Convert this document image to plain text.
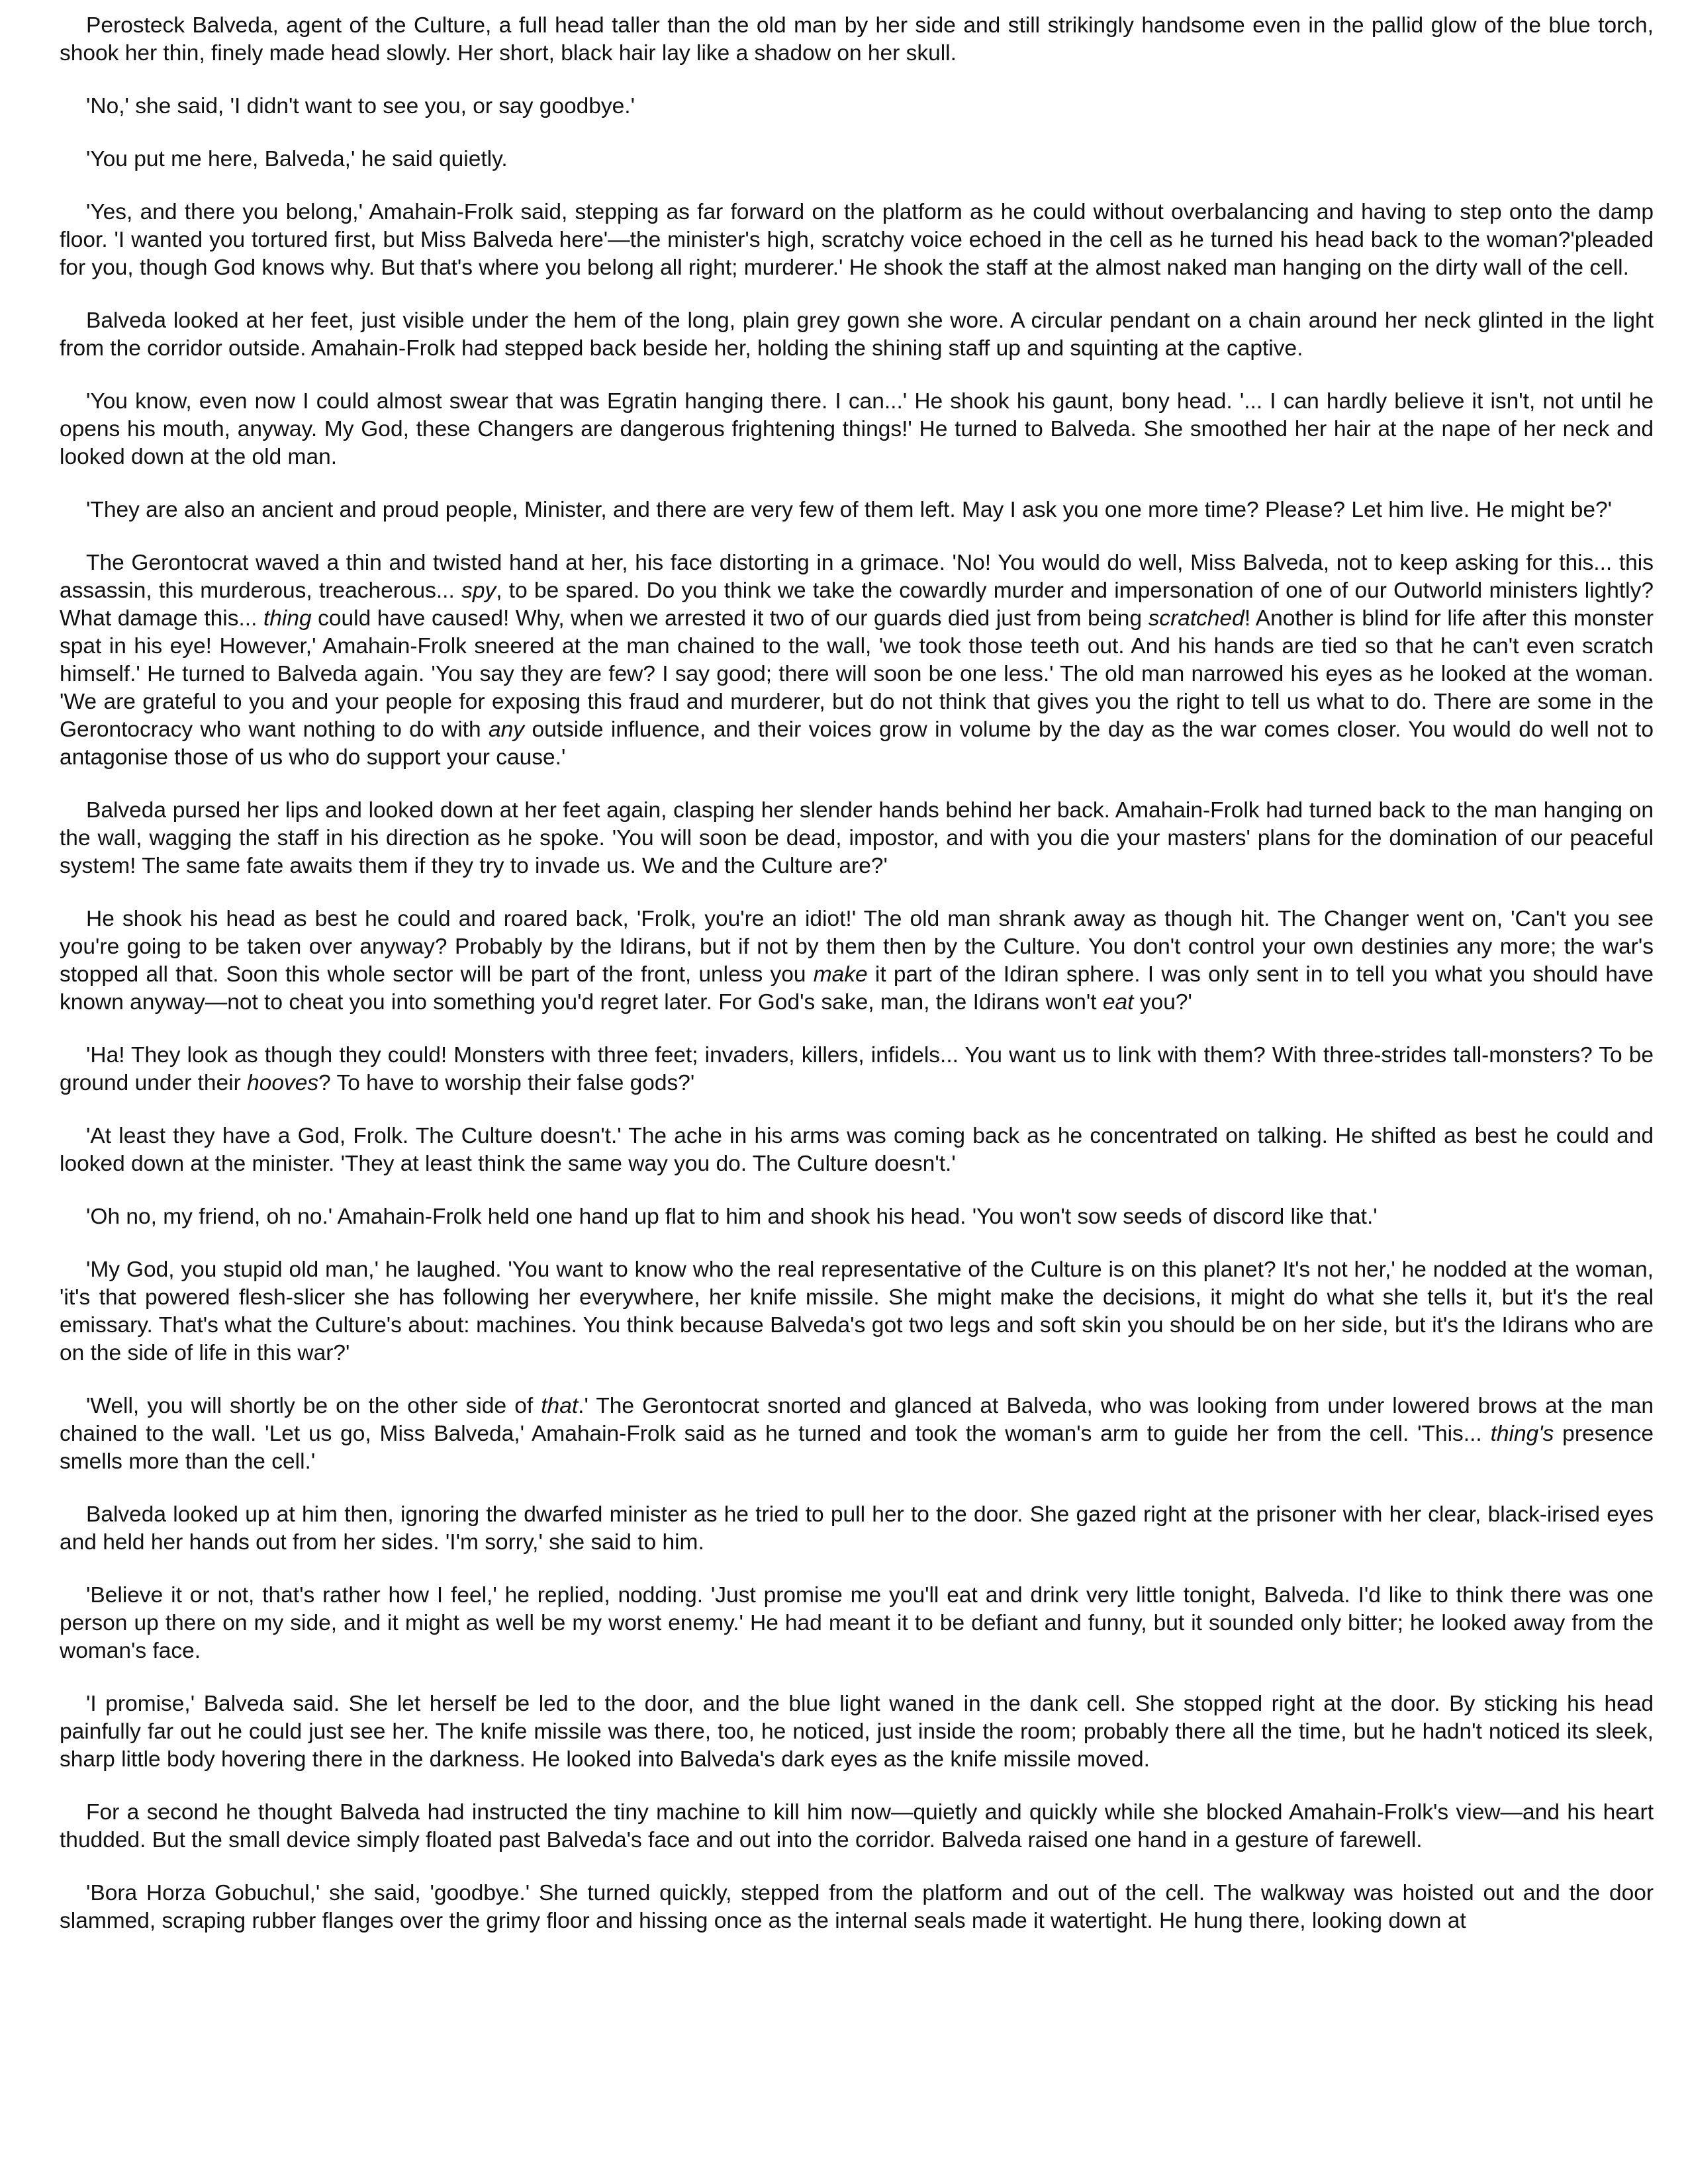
Perosteck Balveda, agent of the Culture, a full head taller than the old man by her side and still strikingly handsome even in the pallid glow of the blue torch, shook her thin, finely made head slowly. Her short, black hair lay like a shadow on her skull.

'No,' she said, 'I didn't want to see you, or say goodbye.'

'You put me here, Balveda,' he said quietly.

'Yes, and there you belong,' Amahain-Frolk said, stepping as far forward on the platform as he could without overbalancing and having to step onto the damp floor. 'I wanted you tortured first, but Miss Balveda here'—the minister's high, scratchy voice echoed in the cell as he turned his head back to the woman?'pleaded for you, though God knows why. But that's where you belong all right; murderer.' He shook the staff at the almost naked man hanging on the dirty wall of the cell.

Balveda looked at her feet, just visible under the hem of the long, plain grey gown she wore. A circular pendant on a chain around her neck glinted in the light from the corridor outside. Amahain-Frolk had stepped back beside her, holding the shining staff up and squinting at the captive.

'You know, even now I could almost swear that was Egratin hanging there. I can...' He shook his gaunt, bony head. '... I can hardly believe it isn't, not until he opens his mouth, anyway. My God, these Changers are dangerous frightening things!' He turned to Balveda. She smoothed her hair at the nape of her neck and looked down at the old man.

'They are also an ancient and proud people, Minister, and there are very few of them left. May I ask you one more time? Please? Let him live. He might be?'

The Gerontocrat waved a thin and twisted hand at her, his face distorting in a grimace. 'No! You would do well, Miss Balveda, not to keep asking for this... this assassin, this murderous, treacherous... spy, to be spared. Do you think we take the cowardly murder and impersonation of one of our Outworld ministers lightly? What damage this... thing could have caused! Why, when we arrested it two of our guards died just from being scratched! Another is blind for life after this monster spat in his eye! However,' Amahain-Frolk sneered at the man chained to the wall, 'we took those teeth out. And his hands are tied so that he can't even scratch himself.' He turned to Balveda again. 'You say they are few? I say good; there will soon be one less.' The old man narrowed his eyes as he looked at the woman. 'We are grateful to you and your people for exposing this fraud and murderer, but do not think that gives you the right to tell us what to do. There are some in the Gerontocracy who want nothing to do with any outside influence, and their voices grow in volume by the day as the war comes closer. You would do well not to antagonise those of us who do support your cause.'

Balveda pursed her lips and looked down at her feet again, clasping her slender hands behind her back. Amahain-Frolk had turned back to the man hanging on the wall, wagging the staff in his direction as he spoke. 'You will soon be dead, impostor, and with you die your masters' plans for the domination of our peaceful system! The same fate awaits them if they try to invade us. We and the Culture are?'

He shook his head as best he could and roared back, 'Frolk, you're an idiot!' The old man shrank away as though hit. The Changer went on, 'Can't you see you're going to be taken over anyway? Probably by the Idirans, but if not by them then by the Culture. You don't control your own destinies any more; the war's stopped all that. Soon this whole sector will be part of the front, unless you make it part of the Idiran sphere. I was only sent in to tell you what you should have known anyway—not to cheat you into something you'd regret later. For God's sake, man, the Idirans won't eat you?'

'Ha! They look as though they could! Monsters with three feet; invaders, killers, infidels... You want us to link with them? With three-strides tall-monsters? To be ground under their hooves? To have to worship their false gods?'

'At least they have a God, Frolk. The Culture doesn't.' The ache in his arms was coming back as he concentrated on talking. He shifted as best he could and looked down at the minister. 'They at least think the same way you do. The Culture doesn't.'

'Oh no, my friend, oh no.' Amahain-Frolk held one hand up flat to him and shook his head. 'You won't sow seeds of discord like that.'

'My God, you stupid old man,' he laughed. 'You want to know who the real representative of the Culture is on this planet? It's not her,' he nodded at the woman, 'it's that powered flesh-slicer she has following her everywhere, her knife missile. She might make the decisions, it might do what she tells it, but it's the real emissary. That's what the Culture's about: machines. You think because Balveda's got two legs and soft skin you should be on her side, but it's the Idirans who are on the side of life in this war?'

'Well, you will shortly be on the other side of that.' The Gerontocrat snorted and glanced at Balveda, who was looking from under lowered brows at the man chained to the wall. 'Let us go, Miss Balveda,' Amahain-Frolk said as he turned and took the woman's arm to guide her from the cell. 'This... thing's presence smells more than the cell.'

Balveda looked up at him then, ignoring the dwarfed minister as he tried to pull her to the door. She gazed right at the prisoner with her clear, black-irised eyes and held her hands out from her sides. 'I'm sorry,' she said to him.

'Believe it or not, that's rather how I feel,' he replied, nodding. 'Just promise me you'll eat and drink very little tonight, Balveda. I'd like to think there was one person up there on my side, and it might as well be my worst enemy.' He had meant it to be defiant and funny, but it sounded only bitter; he looked away from the woman's face.

'I promise,' Balveda said. She let herself be led to the door, and the blue light waned in the dank cell. She stopped right at the door. By sticking his head painfully far out he could just see her. The knife missile was there, too, he noticed, just inside the room; probably there all the time, but he hadn't noticed its sleek, sharp little body hovering there in the darkness. He looked into Balveda's dark eyes as the knife missile moved.

For a second he thought Balveda had instructed the tiny machine to kill him now—quietly and quickly while she blocked Amahain-Frolk's view—and his heart thudded. But the small device simply floated past Balveda's face and out into the corridor. Balveda raised one hand in a gesture of farewell.

'Bora Horza Gobuchul,' she said, 'goodbye.' She turned quickly, stepped from the platform and out of the cell. The walkway was hoisted out and the door slammed, scraping rubber flanges over the grimy floor and hissing once as the internal seals made it watertight. He hung there, looking down at
